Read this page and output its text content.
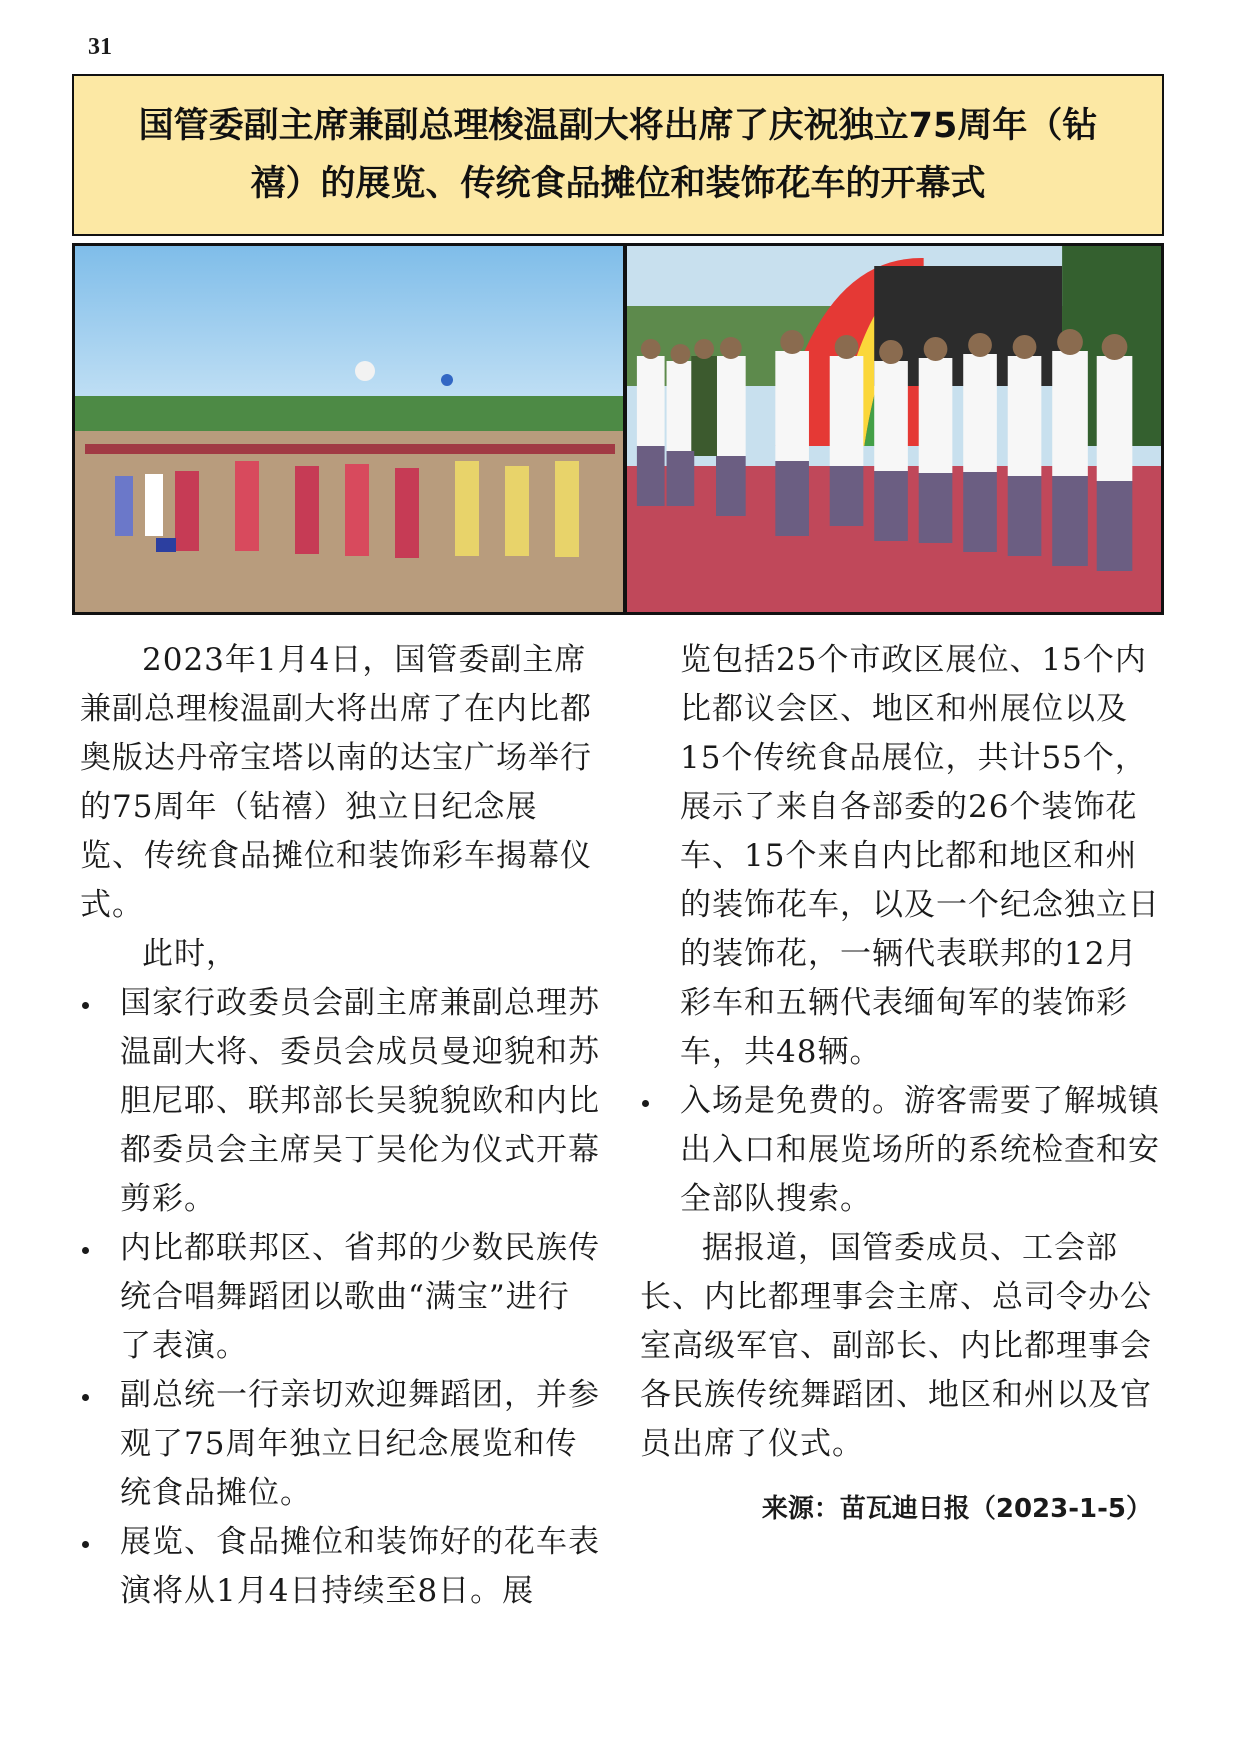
31
国管委副主席兼副总理梭温副大将出席了庆祝独立75周年（钻
禧）的展览、传统食品摊位和装饰花车的开幕式

2023年1月4日，国管委副主席兼副总理梭温副大将出席了在内比都 奥版达丹帝宝塔以南的达宝广场举行的75周年（钻禧）独立日纪念展览、传统食品摊位和装饰彩车揭幕仪式。

此时，

国家行政委员会副主席兼副总理苏温副大将、委员会成员曼迎貌和苏胆尼耶、联邦部长吴貌貌欧和内比都委员会主席吴丁吴伦为仪式开幕剪彩。
内比都联邦区、省邦的少数民族传统合唱舞蹈团以歌曲“满宝”进行了表演。
副总统一行亲切欢迎舞蹈团，并参观了75周年独立日纪念展览和传统食品摊位。
展览、食品摊位和装饰好的花车表演将从1月4日持续至8日。展

览包括25个市政区展位、15个内比都议会区、地区和州展位以及15个传统食品展位，共计55个，展示了来自各部委的26个装饰花车、15个来自内比都和地区和州的装饰花车，以及一个纪念独立日的装饰花，一辆代表联邦的12月彩车和五辆代表缅甸军的装饰彩车，共48辆。

入场是免费的。游客需要了解城镇出入口和展览场所的系统检查和安全部队搜索。

据报道，国管委成员、工会部长、内比都理事会主席、总司令办公室高级军官、副部长、内比都理事会各民族传统舞蹈团、地区和州以及官员出席了仪式。

来源：苗瓦迪日报（2023-1-5）
